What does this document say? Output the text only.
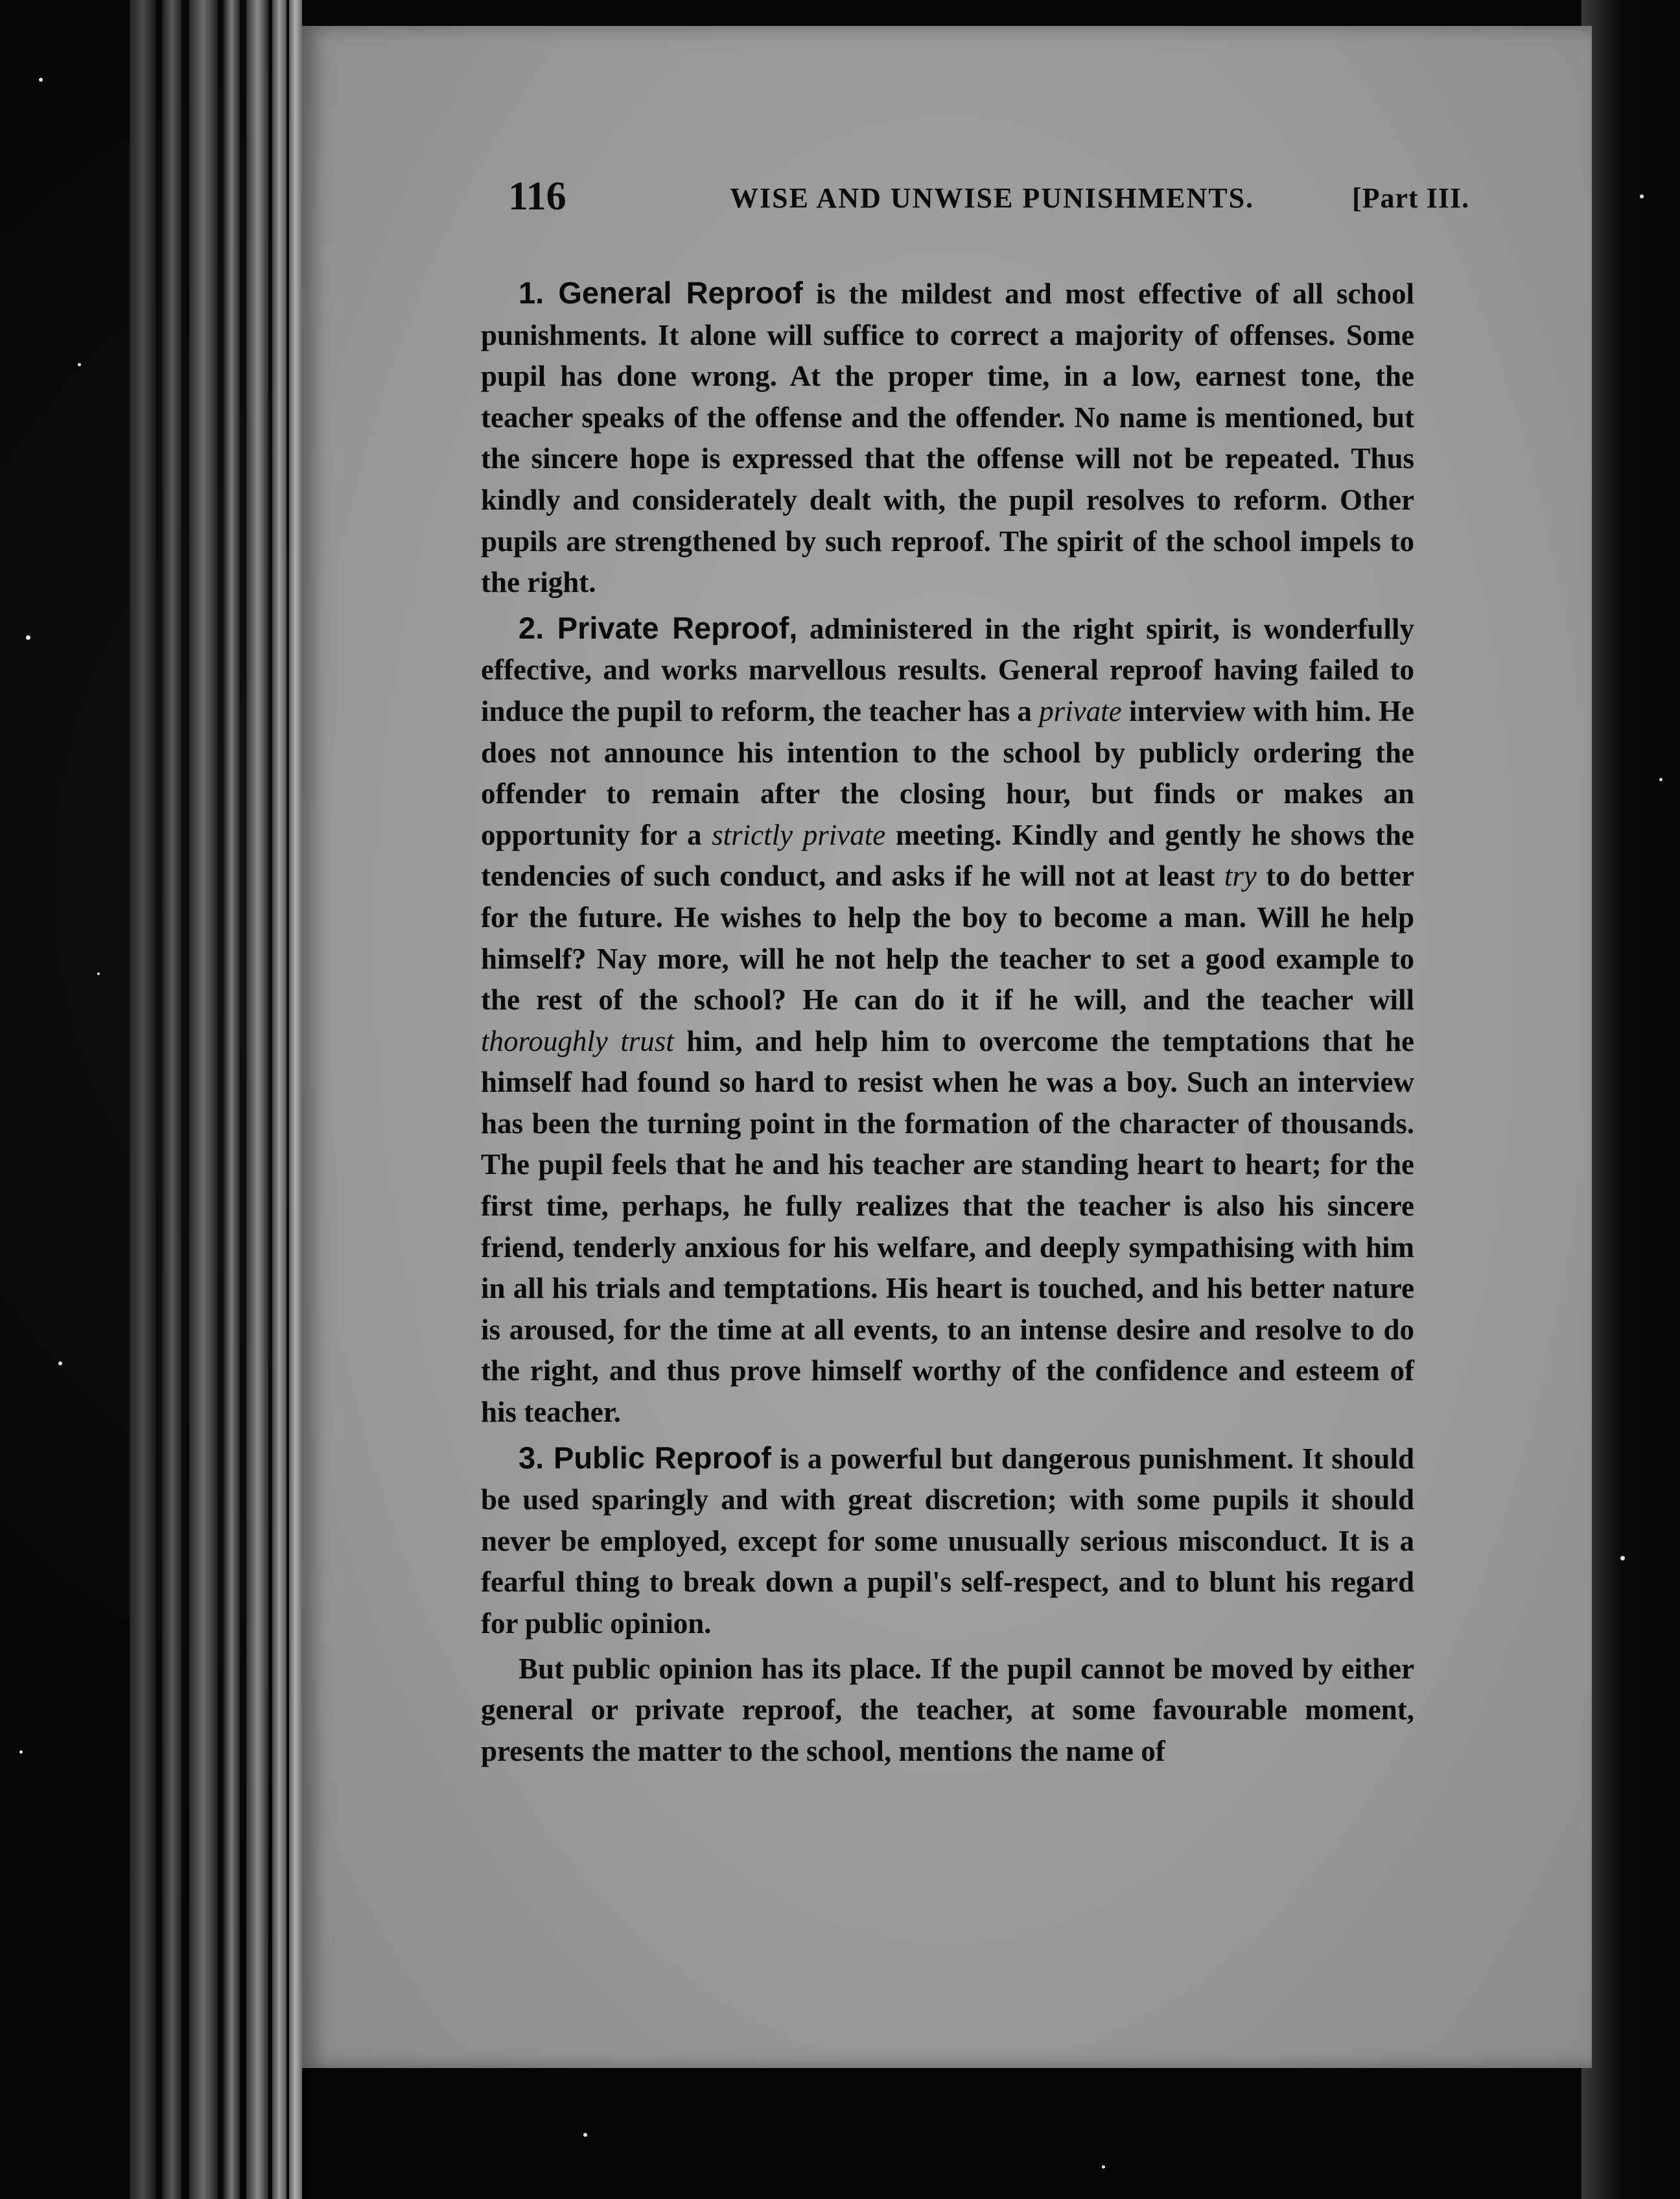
116	WISE AND UNWISE PUNISHMENTS.	[Part III.

1. General Reproof is the mildest and most effective of all school punishments. It alone will suffice to correct a majority of offenses. Some pupil has done wrong. At the proper time, in a low, earnest tone, the teacher speaks of the offense and the offender. No name is mentioned, but the sincere hope is expressed that the offense will not be repeated. Thus kindly and considerately dealt with, the pupil resolves to reform. Other pupils are strengthened by such reproof. The spirit of the school impels to the right.

2. Private Reproof, administered in the right spirit, is wonderfully effective, and works marvellous results. General reproof having failed to induce the pupil to reform, the teacher has a private interview with him. He does not announce his intention to the school by publicly ordering the offender to remain after the closing hour, but finds or makes an opportunity for a strictly private meeting. Kindly and gently he shows the tendencies of such conduct, and asks if he will not at least try to do better for the future. He wishes to help the boy to become a man. Will he help himself? Nay more, will he not help the teacher to set a good example to the rest of the school? He can do it if he will, and the teacher will thoroughly trust him, and help him to overcome the temptations that he himself had found so hard to resist when he was a boy. Such an interview has been the turning point in the formation of the character of thousands. The pupil feels that he and his teacher are standing heart to heart; for the first time, perhaps, he fully realizes that the teacher is also his sincere friend, tenderly anxious for his welfare, and deeply sympathising with him in all his trials and temptations. His heart is touched, and his better nature is aroused, for the time at all events, to an intense desire and resolve to do the right, and thus prove himself worthy of the confidence and esteem of his teacher.

3. Public Reproof is a powerful but dangerous punishment. It should be used sparingly and with great discretion; with some pupils it should never be employed, except for some unusually serious misconduct. It is a fearful thing to break down a pupil's self-respect, and to blunt his regard for public opinion.

But public opinion has its place. If the pupil cannot be moved by either general or private reproof, the teacher, at some favourable moment, presents the matter to the school, mentions the name of
